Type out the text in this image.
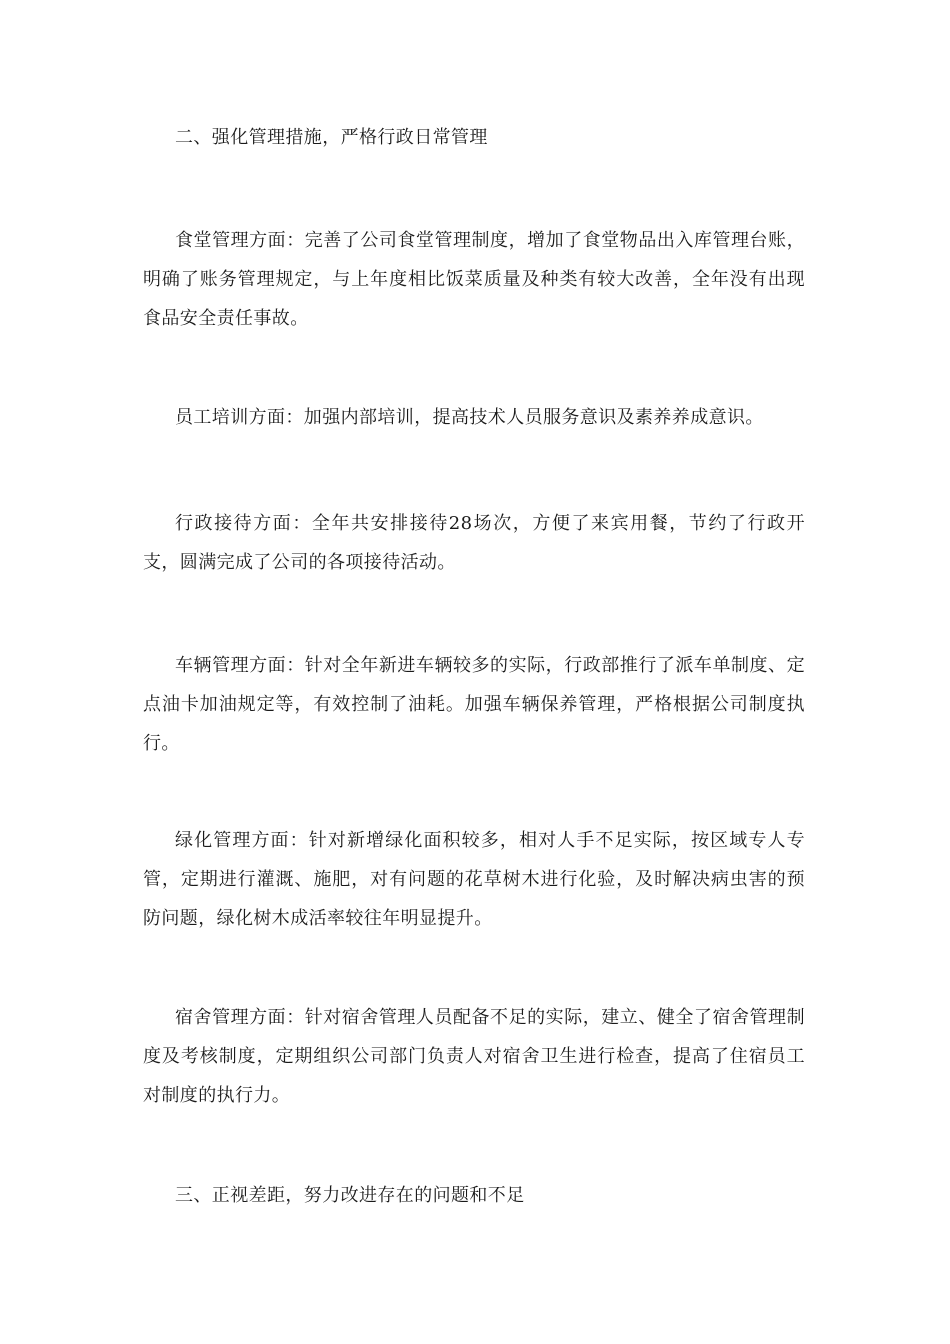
二、强化管理措施，严格行政日常管理

食堂管理方面：完善了公司食堂管理制度，增加了食堂物品出入库管理台账，明确了账务管理规定，与上年度相比饭菜质量及种类有较大改善，全年没有出现食品安全责任事故。

员工培训方面：加强内部培训，提高技术人员服务意识及素养养成意识。

行政接待方面：全年共安排接待28场次，方便了来宾用餐，节约了行政开支，圆满完成了公司的各项接待活动。

车辆管理方面：针对全年新进车辆较多的实际，行政部推行了派车单制度、定点油卡加油规定等，有效控制了油耗。加强车辆保养管理，严格根据公司制度执行。

绿化管理方面：针对新增绿化面积较多，相对人手不足实际，按区域专人专管，定期进行灌溉、施肥，对有问题的花草树木进行化验，及时解决病虫害的预防问题，绿化树木成活率较往年明显提升。

宿舍管理方面：针对宿舍管理人员配备不足的实际，建立、健全了宿舍管理制度及考核制度，定期组织公司部门负责人对宿舍卫生进行检查，提高了住宿员工对制度的执行力。

三、正视差距，努力改进存在的问题和不足
